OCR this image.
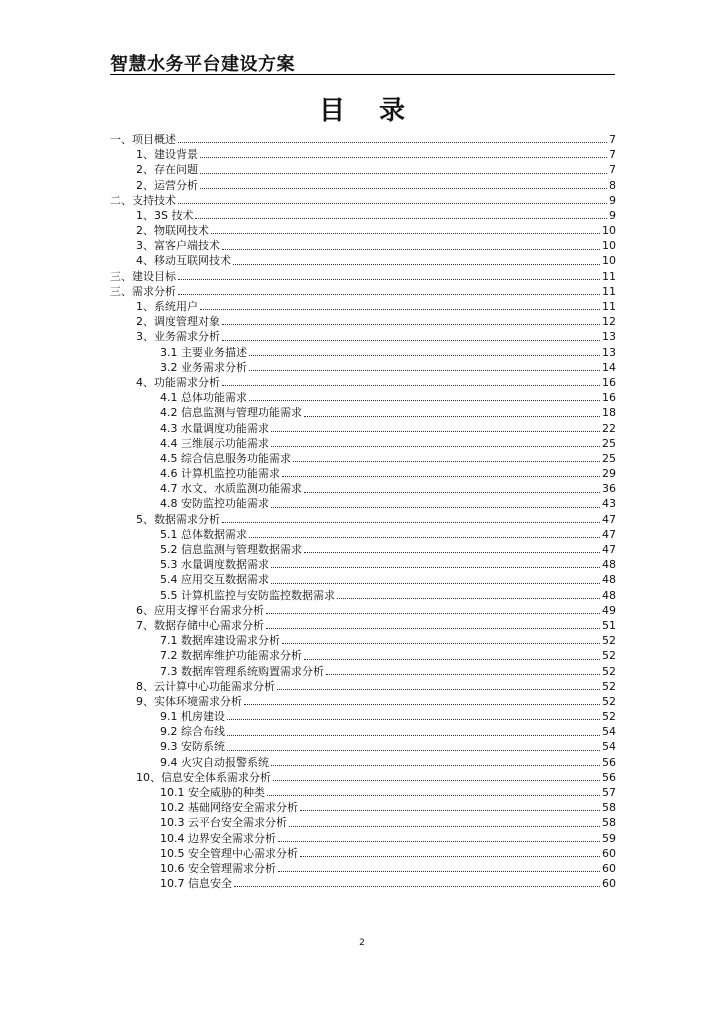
智慧水务平台建设方案
目录
一、项目概述	7
1、建设背景	7
2、存在问题	7
2、运营分析	8
二、支持技术	9
1、3S 技术	9
2、物联网技术	10
3、富客户端技术	10
4、移动互联网技术	10
三、建设目标	11
三、需求分析	11
1、系统用户	11
2、调度管理对象	12
3、业务需求分析	13
3.1 主要业务描述	13
3.2 业务需求分析	14
4、功能需求分析	16
4.1 总体功能需求	16
4.2 信息监测与管理功能需求	18
4.3 水量调度功能需求	22
4.4 三维展示功能需求	25
4.5 综合信息服务功能需求	25
4.6 计算机监控功能需求	29
4.7 水文、水质监测功能需求	36
4.8 安防监控功能需求	43
5、数据需求分析	47
5.1 总体数据需求	47
5.2 信息监测与管理数据需求	47
5.3 水量调度数据需求	48
5.4 应用交互数据需求	48
5.5 计算机监控与安防监控数据需求	48
6、应用支撑平台需求分析	49
7、数据存储中心需求分析	51
7.1 数据库建设需求分析	52
7.2 数据库维护功能需求分析	52
7.3 数据库管理系统购置需求分析	52
8、云计算中心功能需求分析	52
9、实体环境需求分析	52
9.1 机房建设	52
9.2 综合布线	54
9.3 安防系统	54
9.4 火灾自动报警系统	56
10、信息安全体系需求分析	56
10.1 安全威胁的种类	57
10.2 基础网络安全需求分析	58
10.3 云平台安全需求分析	58
10.4 边界安全需求分析	59
10.5 安全管理中心需求分析	60
10.6 安全管理需求分析	60
10.7 信息安全	60
2
